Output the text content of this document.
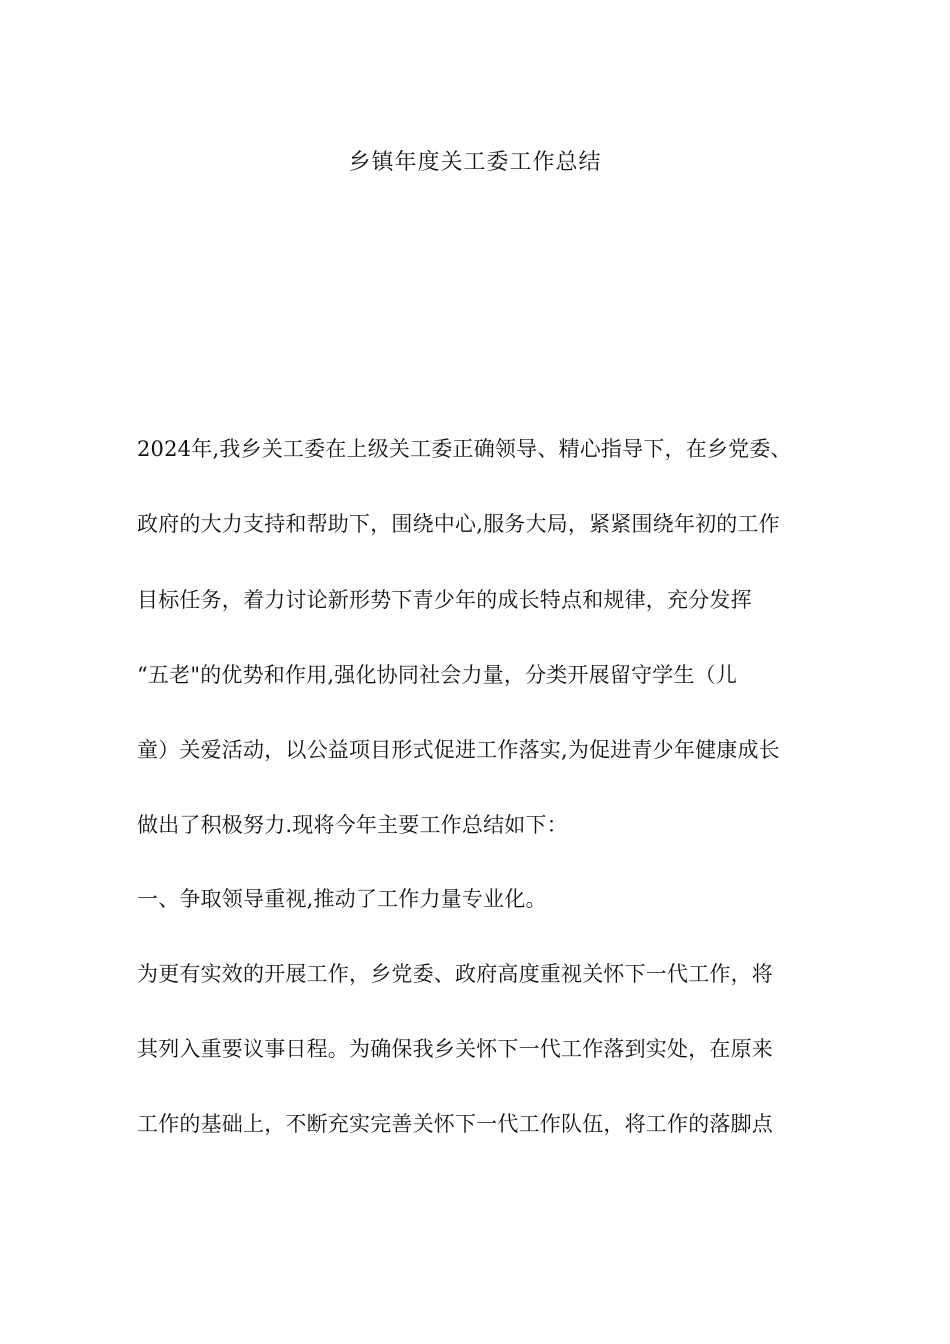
乡镇年度关工委工作总结
2024年,我乡关工委在上级关工委正确领导、精心指导下，在乡党委、
政府的大力支持和帮助下，围绕中心,服务大局，紧紧围绕年初的工作
目标任务，着力讨论新形势下青少年的成长特点和规律，充分发挥
“五老"的优势和作用,强化协同社会力量，分类开展留守学生（儿
童）关爱活动，以公益项目形式促进工作落实,为促进青少年健康成长
做出了积极努力.现将今年主要工作总结如下：
一、争取领导重视,推动了工作力量专业化。
为更有实效的开展工作，乡党委、政府高度重视关怀下一代工作，将
其列入重要议事日程。为确保我乡关怀下一代工作落到实处，在原来
工作的基础上，不断充实完善关怀下一代工作队伍，将工作的落脚点
